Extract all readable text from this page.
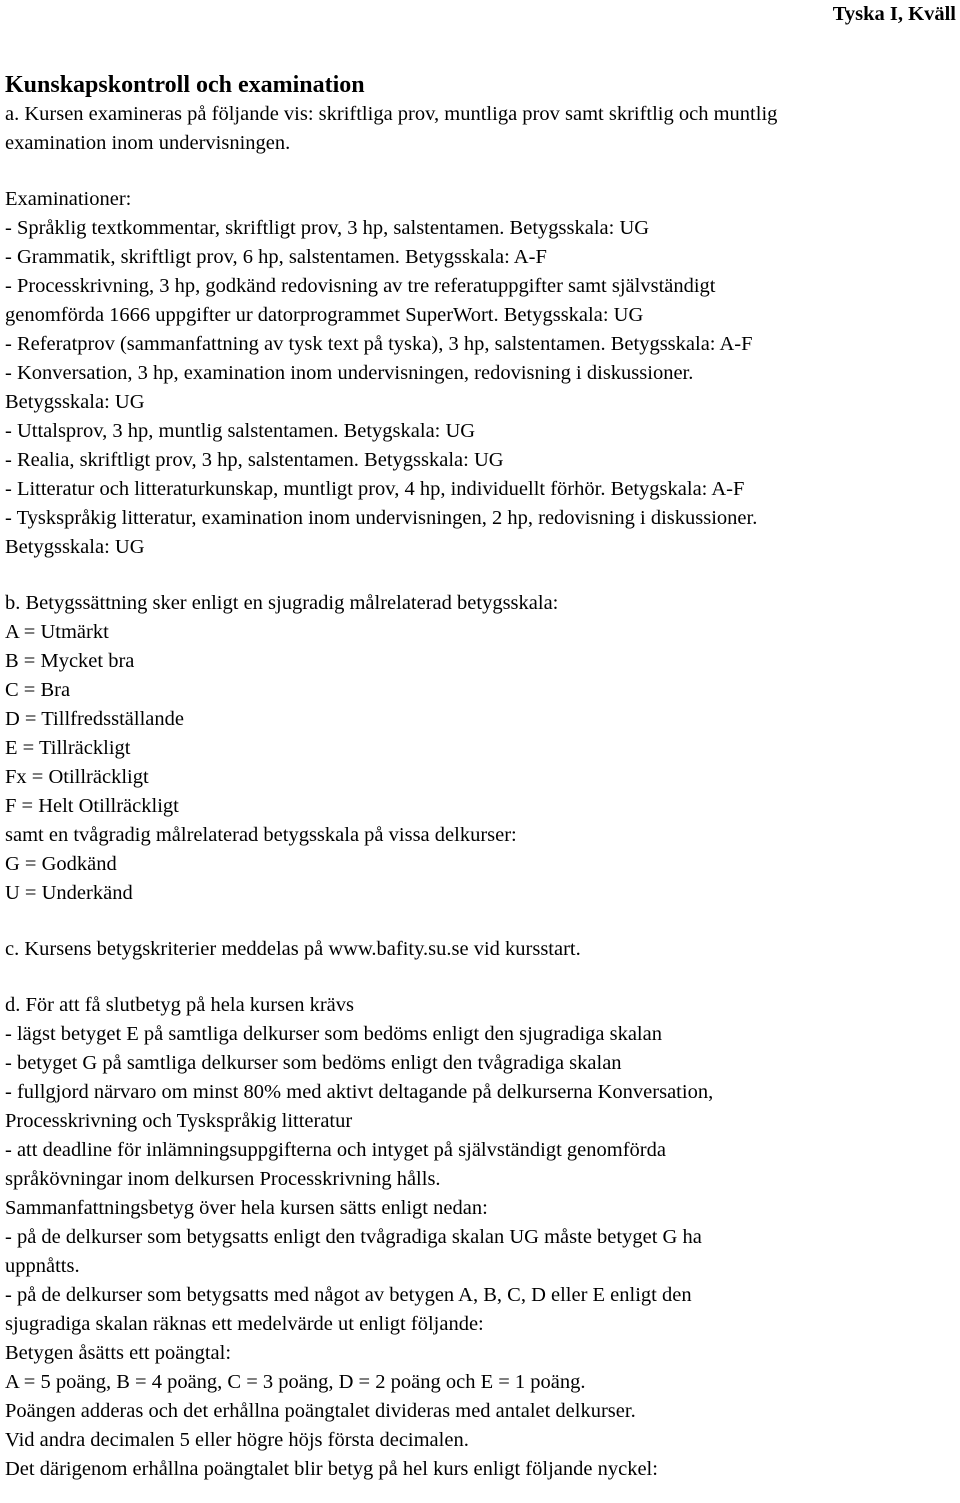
Tyska I, Kväll
Kunskapskontroll och examination
a. Kursen examineras på följande vis: skriftliga prov, muntliga prov samt skriftlig och muntlig
examination inom undervisningen.
Examinationer:
- Språklig textkommentar, skriftligt prov, 3 hp, salstentamen. Betygsskala: UG
- Grammatik, skriftligt prov, 6 hp, salstentamen. Betygsskala: A-F
- Processkrivning, 3 hp, godkänd redovisning av tre referatuppgifter samt självständigt
genomförda 1666 uppgifter ur datorprogrammet SuperWort. Betygsskala: UG
- Referatprov (sammanfattning av tysk text på tyska), 3 hp, salstentamen. Betygsskala: A-F
- Konversation, 3 hp, examination inom undervisningen, redovisning i diskussioner.
Betygsskala: UG
- Uttalsprov, 3 hp, muntlig salstentamen. Betygskala: UG
- Realia, skriftligt prov, 3 hp, salstentamen. Betygsskala: UG
- Litteratur och litteraturkunskap, muntligt prov, 4 hp, individuellt förhör. Betygskala: A-F
- Tyskspråkig litteratur, examination inom undervisningen, 2 hp, redovisning i diskussioner.
Betygsskala: UG
b. Betygssättning sker enligt en sjugradig målrelaterad betygsskala:
A = Utmärkt
B = Mycket bra
C = Bra
D = Tillfredsställande
E = Tillräckligt
Fx = Otillräckligt
F = Helt Otillräckligt
samt en tvågradig målrelaterad betygsskala på vissa delkurser:
G = Godkänd
U = Underkänd
c. Kursens betygskriterier meddelas på www.bafity.su.se vid kursstart.
d. För att få slutbetyg på hela kursen krävs
- lägst betyget E på samtliga delkurser som bedöms enligt den sjugradiga skalan
- betyget G på samtliga delkurser som bedöms enligt den tvågradiga skalan
- fullgjord närvaro om minst 80% med aktivt deltagande på delkurserna Konversation,
Processkrivning och Tyskspråkig litteratur
- att deadline för inlämningsuppgifterna och intyget på självständigt genomförda
språkövningar inom delkursen Processkrivning hålls.
Sammanfattningsbetyg över hela kursen sätts enligt nedan:
- på de delkurser som betygsatts enligt den tvågradiga skalan UG måste betyget G ha
uppnåtts.
- på de delkurser som betygsatts med något av betygen A, B, C, D eller E enligt den
sjugradiga skalan räknas ett medelvärde ut enligt följande:
Betygen åsätts ett poängtal:
A = 5 poäng, B = 4 poäng, C = 3 poäng, D = 2 poäng och E = 1 poäng.
Poängen adderas och det erhållna poängtalet divideras med antalet delkurser.
Vid andra decimalen 5 eller högre höjs första decimalen.
Det därigenom erhållna poängtalet blir betyg på hel kurs enligt följande nyckel:
